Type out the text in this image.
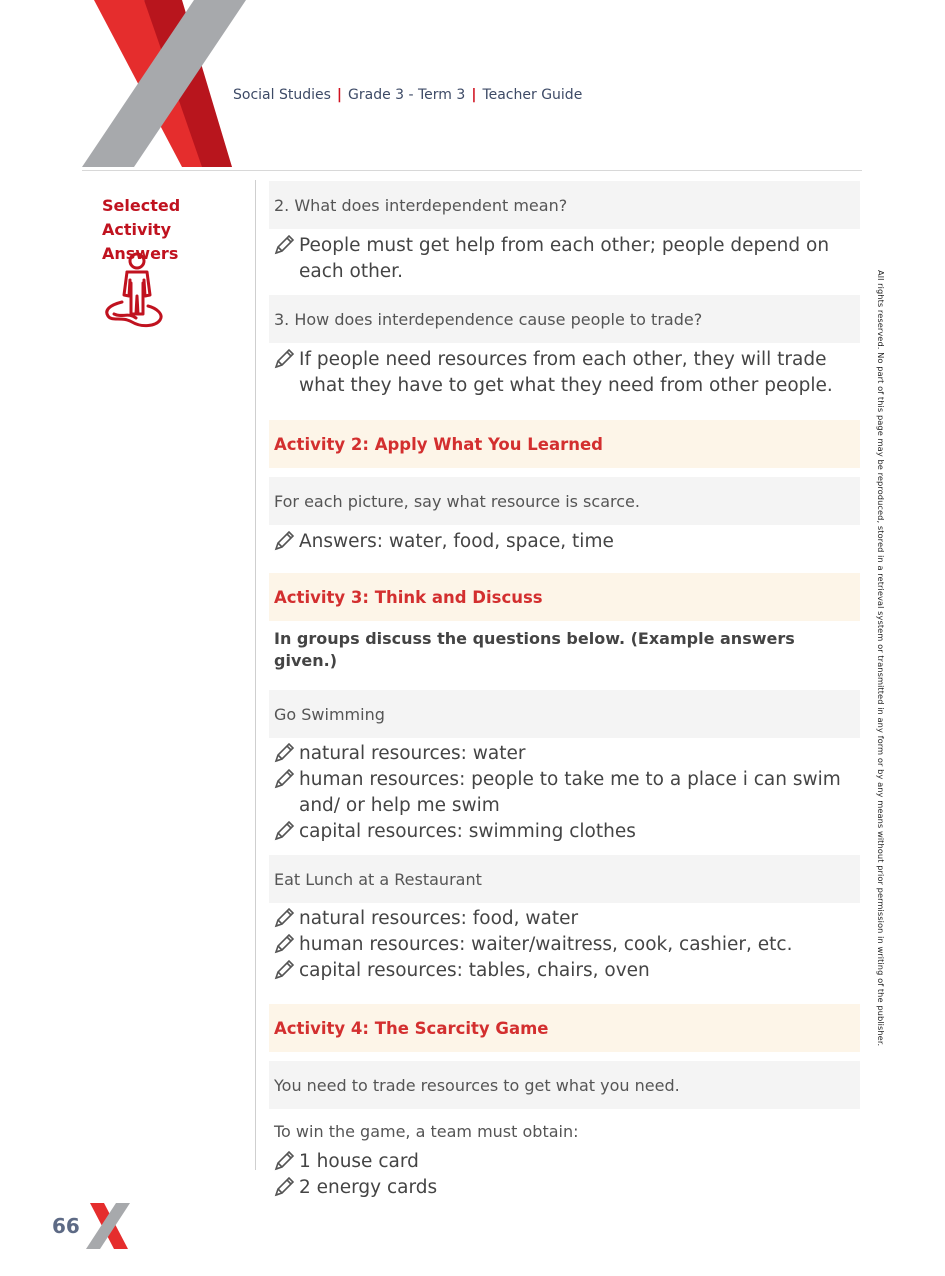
Social Studies | Grade 3 - Term 3 | Teacher Guide
Selected Activity Answers
All rights reserved. No part of this page may be reproduced, stored in a retrieval system or transmitted in any form or by any means without prior permission in writing of the publisher.
2. What does interdependent mean?
People must get help from each other; people depend on each other.
3. How does interdependence cause people to trade?
If people need resources from each other, they will trade what they have to get what they need from other people.
Activity 2: Apply What You Learned
For each picture, say what resource is scarce.
Answers: water, food, space, time
Activity 3: Think and Discuss
In groups discuss the questions below. (Example answers given.)
Go Swimming
natural resources: water
human resources: people to take me to a place i can swim and/ or help me swim
capital resources: swimming clothes
Eat Lunch at a Restaurant
natural resources: food, water
human resources: waiter/waitress, cook, cashier, etc.
capital resources: tables, chairs, oven
Activity 4: The Scarcity Game
You need to trade resources to get what you need.
To win the game, a team must obtain:
1 house card
2 energy cards
66
